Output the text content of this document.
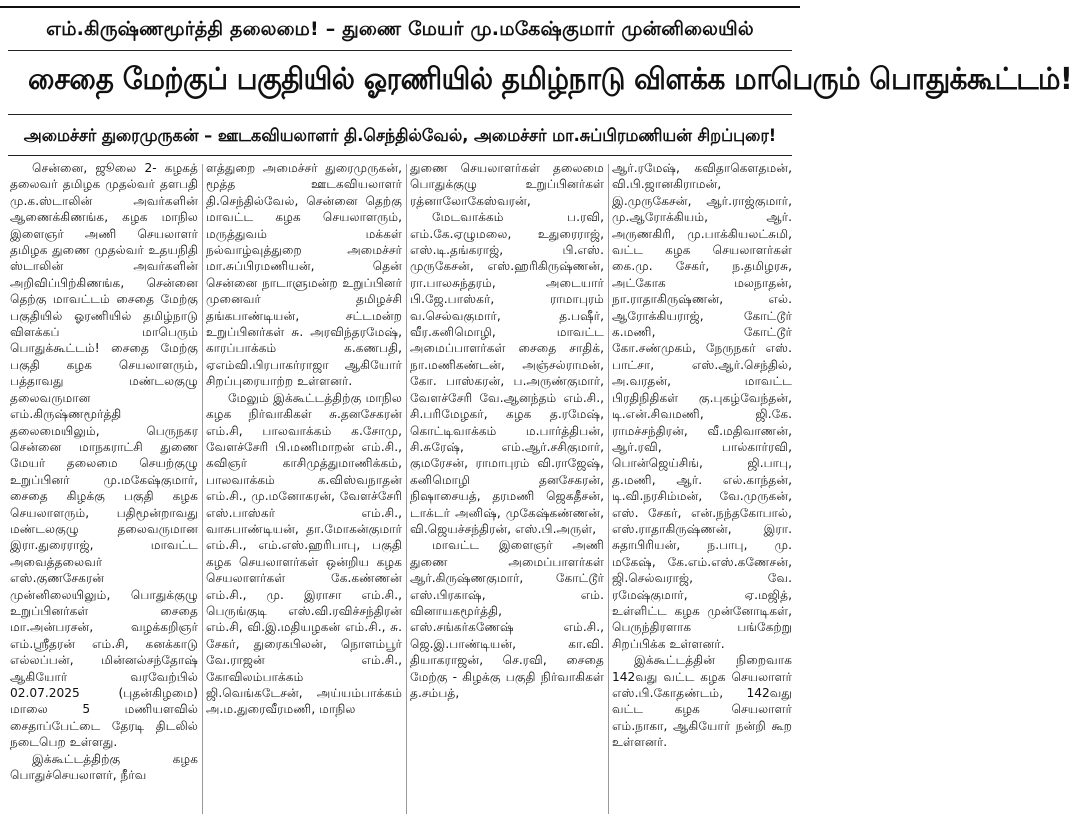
எம்.கிருஷ்ணமூர்த்தி தலைமை! – துணை மேயர் மு.மகேஷ்குமார் முன்னிலையில்
சைதை மேற்குப் பகுதியில் ஓரணியில் தமிழ்நாடு விளக்க மாபெரும் பொதுக்கூட்டம்!
அமைச்சர் துரைமுருகன் – ஊடகவியலாளர் தி.செந்தில்வேல், அமைச்சர் மா.சுப்பிரமணியன் சிறப்புரை!

சென்னை, ஜூலை 2- கழகத் தலைவர் தமிழக முதல்வர் தளபதி மு.க.ஸ்டாலின் அவர்களின் ஆணைக்கிணங்க, கழக மாநில இளைஞர் அணி செயலாளர் தமிழக துணை முதல்வர் உதயநிதி ஸ்டாலின் அவர்களின் அறிவிப்பிற்கிணங்க, சென்னை தெற்கு மாவட்டம் சைதை மேற்கு பகுதியில் ஓரணியில் தமிழ்நாடு விளக்கப் மாபெரும் பொதுக்கூட்டம்! சைதை மேற்கு பகுதி கழக செயலாளரும், பத்தாவது மண்டலகுழு தலைவருமான எம்.கிருஷ்ணமூர்த்தி தலைமையிலும், பெருநகர சென்னை மாநகராட்சி துணை மேயர் தலைமை செயற்குழு உறுப்பினர் மு.மகேஷ்குமார், சைதை கிழக்கு பகுதி கழக செயலாளரும், பதிமூன்றாவது மண்டலகுழு தலைவருமான இரா.துரைராஜ், மாவட்ட அவைத்தலைவர் எஸ்.குணசேகரன் முன்னிலையிலும், பொதுக்குழு உறுப்பினர்கள் சைதை மா.அன்பரசன், வழக்கறிஞர் எம்.ஸ்ரீதரன் எம்.சி, கனக்காடு எல்லப்பன், மின்னல்சந்தோஷ் ஆகியோர் வரவேற்பில் 02.07.2025 (புதன்கிழமை) மாலை 5 மணியளவில் சைதாப்பேட்டை தேரடி திடலில் நடைபெற உள்ளது.

இக்கூட்டத்திற்கு கழக பொதுச்செயலாளர், நீர்வ

ளத்துறை அமைச்சர் துரைமுருகன், மூத்த ஊடகவியலாளர் தி.செந்தில்வேல், சென்னை தெற்கு மாவட்ட கழக செயலாளரும், மருத்துவம் மக்கள் நல்வாழ்வுத்துறை அமைச்சர் மா.சுப்பிரமணியன், தென் சென்னை நாடாளுமன்ற உறுப்பினர் முனைவர் தமிழச்சி தங்கபாண்டியன், சட்டமன்ற உறுப்பினர்கள் சு. அரவிந்தரமேஷ், காரப்பாக்கம் க.கணபதி, ஏஎம்வி.பிரபாகர்ராஜா ஆகியோர் சிறப்புரையாற்ற உள்ளனர்.

மேலும் இக்கூட்டத்திற்கு மாநில கழக நிர்வாகிகள் சு.தனசேகரன் எம்.சி, பாலவாக்கம் க.சோமு, வேளச்சேரி பி.மணிமாறன் எம்.சி., கவிஞர் காசிமுத்துமாணிக்கம், பாலவாக்கம் க.விஸ்வநாதன் எம்.சி., மு.மனோகரன், வேளச்சேரி எஸ்.பாஸ்கர் எம்.சி., வாசுபாண்டியன், தா.மோகன்குமார் எம்.சி., எம்.எஸ்.ஹரிபாபு, பகுதி கழக செயலாளர்கள் ஒன்றிய கழக செயலாளர்கள் கே.கண்ணன் எம்.சி., மு. இராசா எம்.சி., பெருங்குடி எஸ்.வி.ரவிச்சந்திரன் எம்.சி, வி.இ.மதியழகன் எம்.சி., சு. சேகர், துரைகபிலன், நொளம்பூர் வே.ராஜன் எம்.சி., கோவிலம்பாக்கம் ஜி.வெங்கடேசன், அய்யம்பாக்கம் அ.ம.துரைவீரமணி, மாநில

துணை செயலாளர்கள் தலைமை பொதுக்குழு உறுப்பினர்கள் ரத்னாலோகேஸ்வரன்,

மேடவாக்கம் ப.ரவி, எம்.கே.ஏழுமலை, உதுரைராஜ், எஸ்.டி.தங்கராஜ், பி.எஸ். முருகேசன், எஸ்.ஹரிகிருஷ்ணன், ரா.பாலசுந்தரம், அடையார் பி.ஜே.பாஸ்கர், ராமாபுரம் வ.செல்வகுமார், த.பஷீர், வீர.கனிமொழி, மாவட்ட அமைப்பாளர்கள் சைதை சாதிக், நா.மணிகண்டன், அஞ்சல்ராமன், கோ. பாஸ்கரன், ப.அருண்குமார், வேளச்சேரி வே.ஆனந்தம் எம்.சி., சி.பரிமேழகர், கழக த.ரமேஷ், கொட்டிவாக்கம் ம.பார்த்திபன், சி.சுரேஷ், எம்.ஆர்.சசிகுமார், குமரேசன், ராமாபுரம் வி.ராஜேஷ், கனிமொழி தனசேகரன், நிஷாசையத், தரமணி ஜெகதீசன், டாக்டர் அனிஷ், முகேஷ்கண்ணன், வி.ஜெயச்சந்திரன், எஸ்.பி.அருள்,

மாவட்ட இளைஞர் அணி துணை அமைப்பாளர்கள் ஆர்.கிருஷ்ணகுமார், கோட்டூர் எஸ்.பிரகாஷ், எம். வினாயகமூர்த்தி, எஸ்.சங்கர்கணேஷ் எம்.சி., ஜெ.இ.பாண்டியன், கா.வி. தியாகராஜன், செ.ரவி, சைதை மேற்கு - கிழக்கு பகுதி நிர்வாகிகள் த.சம்பத்,

ஆர்.ரமேஷ், கவிதாகௌதமன், வி.பி.ஜானகிராமன், இ.முருகேசன், ஆர்.ராஜ்குமார், மு.ஆரோக்கியம், ஆர். அருணகிரி, மு.பாக்கியலட்சுமி, வட்ட கழக செயலாளர்கள் கை.மு. சேகர், ந.தமிழரசு, அட்கோக மலநாதன், நா.ராதாகிருஷ்ணன், எல். ஆரோக்கியராஜ், கோட்டூர் க.மணி, கோட்டூர் கோ.சண்முகம், நேருநகர் எஸ். பாட்சா, எஸ்.ஆர்.செந்தில், அ.வரதன், மாவட்ட பிரதிநிதிகள் கு.புகழ்வேந்தன், டி.என்.சிவமணி, ஜி.கே. ராமச்சந்திரன், வீ.மதிவாணன், ஆர்.ரவி, பால்கார்ரவி, பொன்ஜெய்சிங், ஜி.பாபு, த.மணி, ஆர். எல்.காந்தன், டி.வி.நரசிம்மன், வே.முருகன், எஸ். சேகர், என்.நந்தகோபால், எஸ்.ராதாகிருஷ்ணன், இரா. சுதாபிரியன், ந.பாபு, மு. மகேஷ், கே.எம்.எஸ்.கணேசன், ஜி.செல்வராஜ், வே. ரமேஷ்குமார், ஏ.மஜித், உள்ளிட்ட கழக முன்னோடிகள், பெருந்திரளாக பங்கேற்று சிறப்பிக்க உள்ளனர்.

இக்கூட்டத்தின் நிறைவாக 142வது வட்ட கழக செயலாளர் எஸ்.பி.கோதண்டம், 142வது வட்ட கழக செயலாளர் எம்.நாகா, ஆகியோர் நன்றி கூற உள்ளனர்.
